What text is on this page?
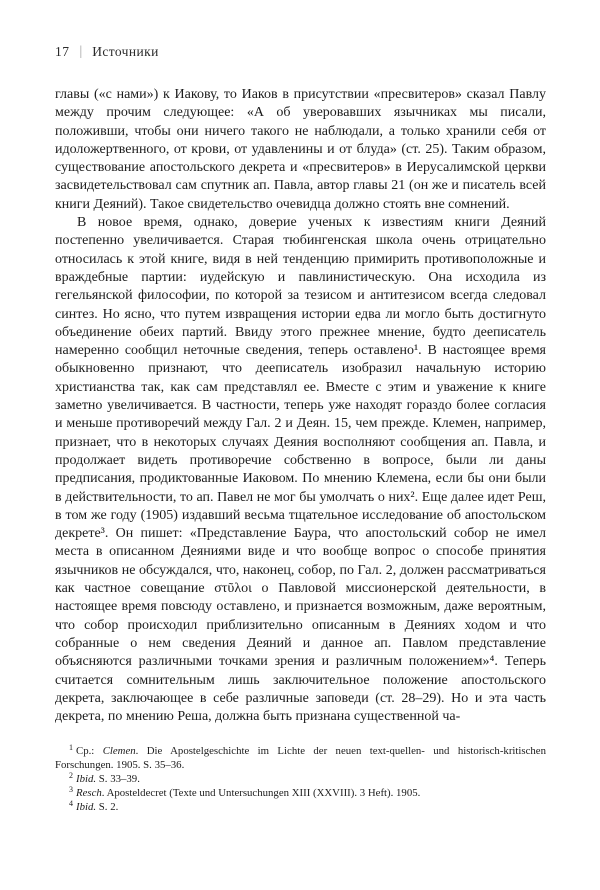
17 | Источники

главы («с нами») к Иакову, то Иаков в присутствии «пресвитеров» сказал Павлу между прочим следующее: «А об уверовавших язычниках мы писали, положивши, чтобы они ничего такого не наблюдали, а только хранили себя от идоложертвенного, от крови, от удавленины и от блуда» (ст. 25). Таким образом, существование апостольского декрета и «пресвитеров» в Иерусалимской церкви засвидетельствовал сам спутник ап. Павла, автор главы 21 (он же и писатель всей книги Деяний). Такое свидетельство очевидца должно стоять вне сомнений.

В новое время, однако, доверие ученых к известиям книги Деяний постепенно увеличивается. Старая тюбингенская школа очень отрицательно относилась к этой книге, видя в ней тенденцию примирить противоположные и враждебные партии: иудейскую и павлинистическую. Она исходила из гегельянской философии, по которой за тезисом и антитезисом всегда следовал синтез. Но ясно, что путем извращения истории едва ли могло быть достигнуто объединение обеих партий. Ввиду этого прежнее мнение, будто дееписатель намеренно сообщил неточные сведения, теперь оставлено¹. В настоящее время обыкновенно признают, что дееписатель изобразил начальную историю христианства так, как сам представлял ее. Вместе с этим и уважение к книге заметно увеличивается. В частности, теперь уже находят гораздо более согласия и меньше противоречий между Гал. 2 и Деян. 15, чем прежде. Клемен, например, признает, что в некоторых случаях Деяния восполняют сообщения ап. Павла, и продолжает видеть противоречие собственно в вопросе, были ли даны предписания, продиктованные Иаковом. По мнению Клемена, если бы они были в действительности, то ап. Павел не мог бы умолчать о них². Еще далее идет Реш, в том же году (1905) издавший весьма тщательное исследование об апостольском декрете³. Он пишет: «Представление Баура, что апостольский собор не имел места в описанном Деяниями виде и что вообще вопрос о способе принятия язычников не обсуждался, что, наконец, собор, по Гал. 2, должен рассматриваться как частное совещание στῦλοι о Павловой миссионерской деятельности, в настоящее время повсюду оставлено, и признается возможным, даже вероятным, что собор происходил приблизительно описанным в Деяниях ходом и что собранные о нем сведения Деяний и данное ап. Павлом представление объясняются различными точками зрения и различным положением»⁴. Теперь считается сомнительным лишь заключительное положение апостольского декрета, заключающее в себе различные заповеди (ст. 28–29). Но и эта часть декрета, по мнению Реша, должна быть признана существенной ча-

$^1$ Ср.: Clemen. Die Apostelgeschichte im Lichte der neuen text-quellen- und historisch-kritischen Forschungen. 1905. S. 35–36.

$^2$ Ibid. S. 33–39.

$^3$ Resch. Aposteldecret (Texte und Untersuchungen XIII (XXVIII). 3 Heft). 1905.

$^4$ Ibid. S. 2.
